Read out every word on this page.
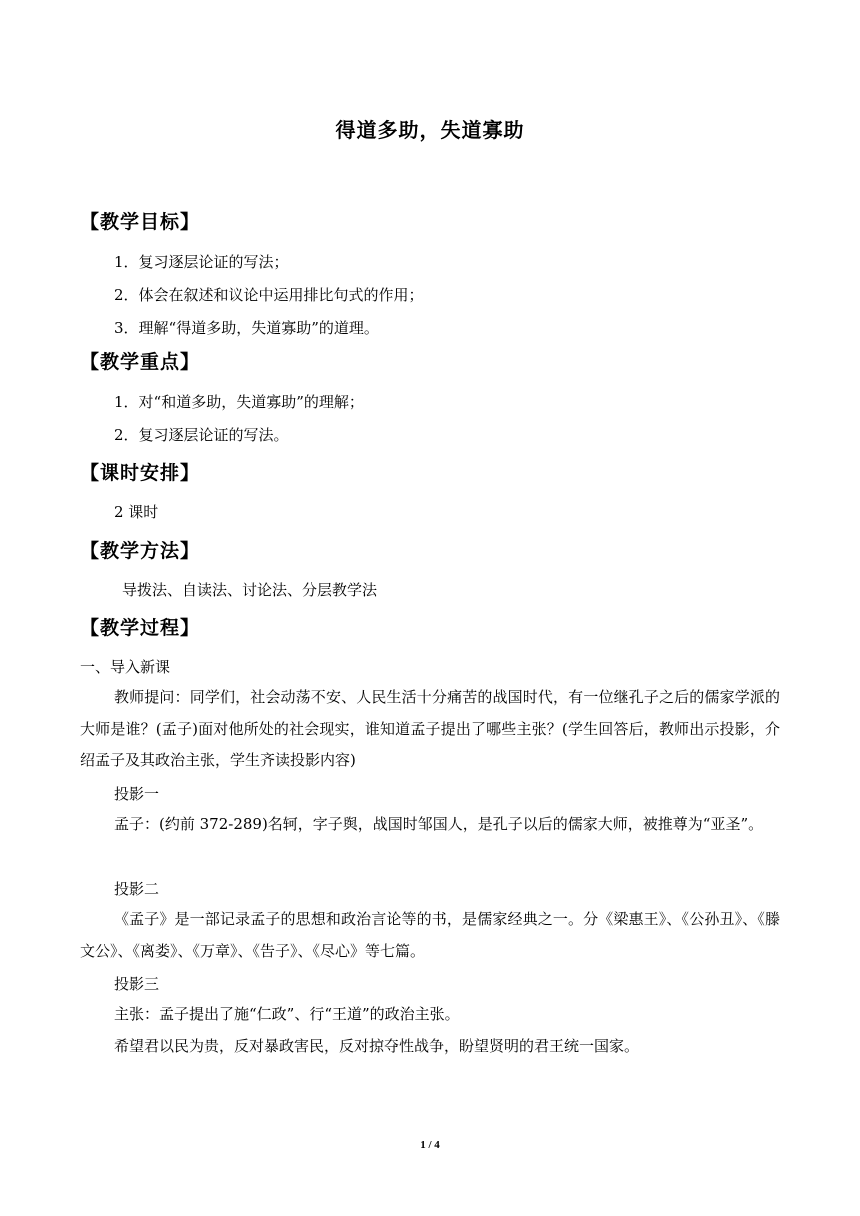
得道多助，失道寡助
【教学目标】
1．复习逐层论证的写法；
2．体会在叙述和议论中运用排比句式的作用；
3．理解“得道多助，失道寡助”的道理。
【教学重点】
1．对“和道多助，失道寡助”的理解；
2．复习逐层论证的写法。
【课时安排】
2 课时
【教学方法】
导拨法、自读法、讨论法、分层教学法
【教学过程】
一、导入新课
教师提问：同学们，社会动荡不安、人民生活十分痛苦的战国时代，有一位继孔子之后的儒家学派的大师是谁？(孟子)面对他所处的社会现实，谁知道孟子提出了哪些主张？(学生回答后，教师出示投影，介绍孟子及其政治主张，学生齐读投影内容)
投影一
孟子：(约前 372-289)名轲，字子舆，战国时邹国人，是孔子以后的儒家大师，被推尊为“亚圣”。
投影二
《孟子》是一部记录孟子的思想和政治言论等的书，是儒家经典之一。分《梁惠王》、《公孙丑》、《滕文公》、《离娄》、《万章》、《告子》、《尽心》等七篇。
投影三
主张：孟子提出了施“仁政”、行“王道”的政治主张。
希望君以民为贵，反对暴政害民，反对掠夺性战争，盼望贤明的君王统一国家。
1 / 4
